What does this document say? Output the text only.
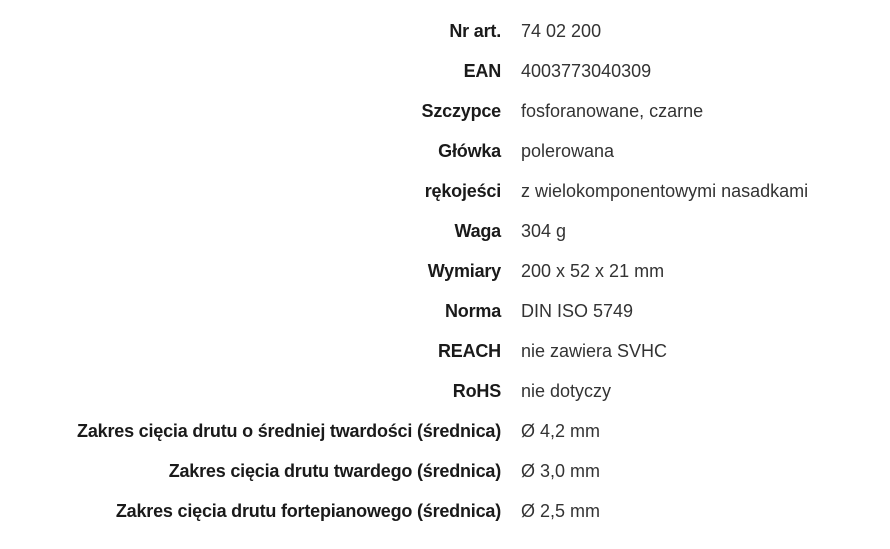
Nr art. 74 02 200
EAN 4003773040309
Szczypce fosforanowane, czarne
Główka polerowana
rękojeści z wielokomponentowymi nasadkami
Waga 304 g
Wymiary 200 x 52 x 21 mm
Norma DIN ISO 5749
REACH nie zawiera SVHC
RoHS nie dotyczy
Zakres cięcia drutu o średniej twardości (średnica) Ø 4,2 mm
Zakres cięcia drutu twardego (średnica) Ø 3,0 mm
Zakres cięcia drutu fortepianowego (średnica) Ø 2,5 mm
